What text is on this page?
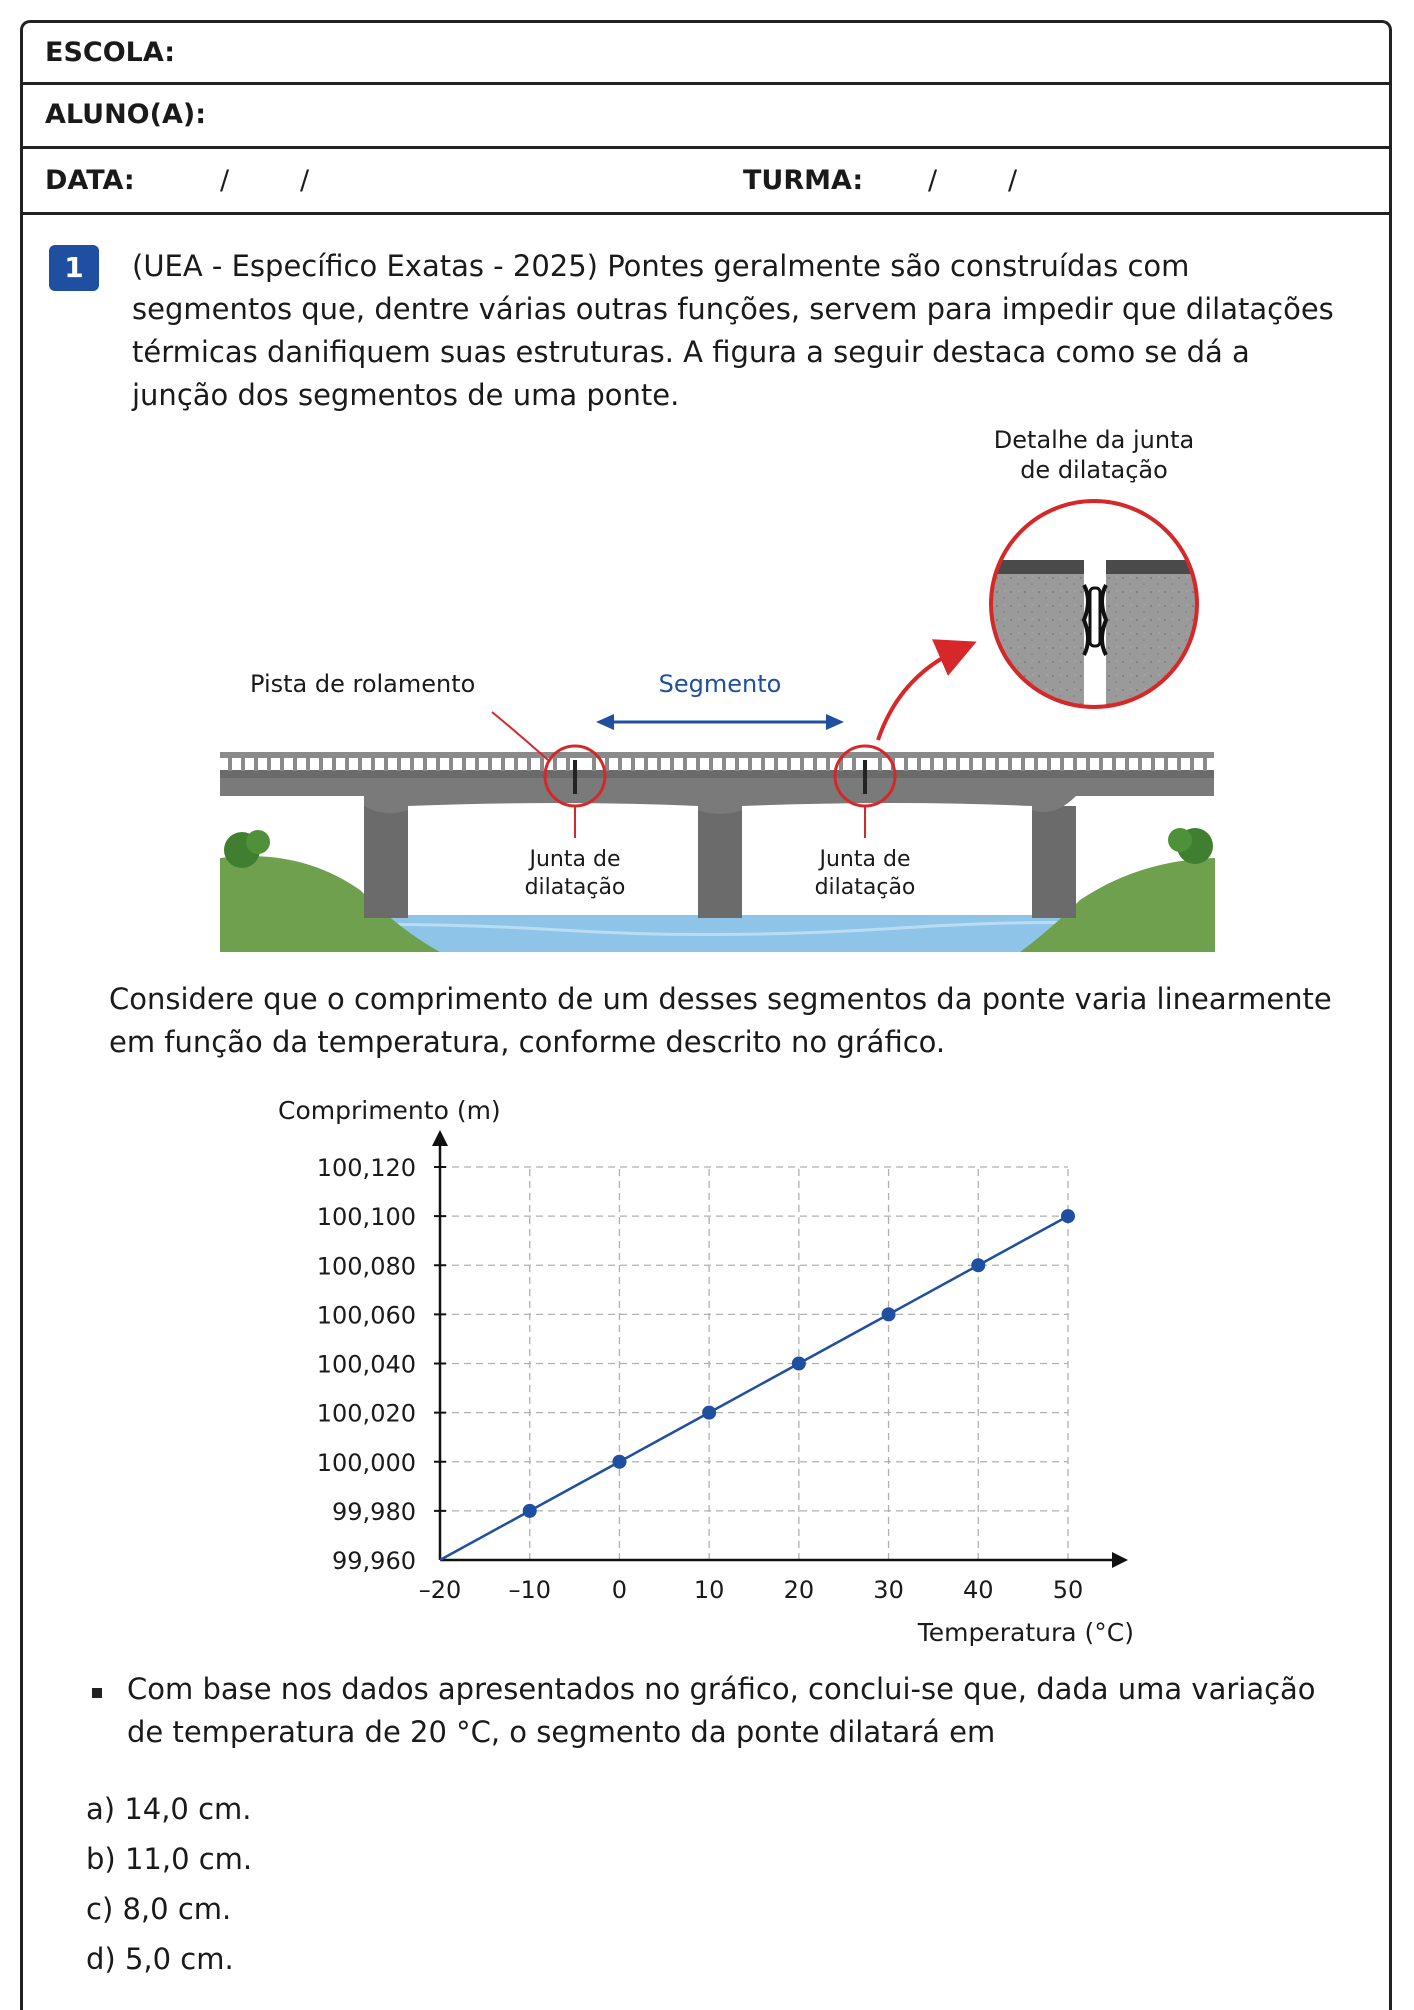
ESCOLA:
ALUNO(A):
DATA:	/	/	TURMA: /	/
1	(UEA - Específico Exatas - 2025) Pontes geralmente são construídas com
segmentos que, dentre várias outras funções, servem para impedir que dilatações
térmicas danifiquem suas estruturas. A figura a seguir destaca como se dá a
junção dos segmentos de uma ponte.
Detalhe da junta
de dilatação
Pista de rolamento	Segmento
Junta de
dilatação
Junta de
dilatação
Considere que o comprimento de um desses segmentos da ponte varia linearmente
em função da temperatura, conforme descrito no gráfico.
Comprimento (m)
Temperatura (°C)
99,960
99,980
100,000
100,020
100,040
100,060
100,080
100,100
100,120
–20 –10	0	10 20 30 40 50
Com base nos dados apresentados no gráfico, conclui-se que, dada uma variação
de temperatura de 20 °C, o segmento da ponte dilatará em
a) 14,0 cm.
b) 11,0 cm.
c) 8,0 cm.
d) 5,0 cm.
